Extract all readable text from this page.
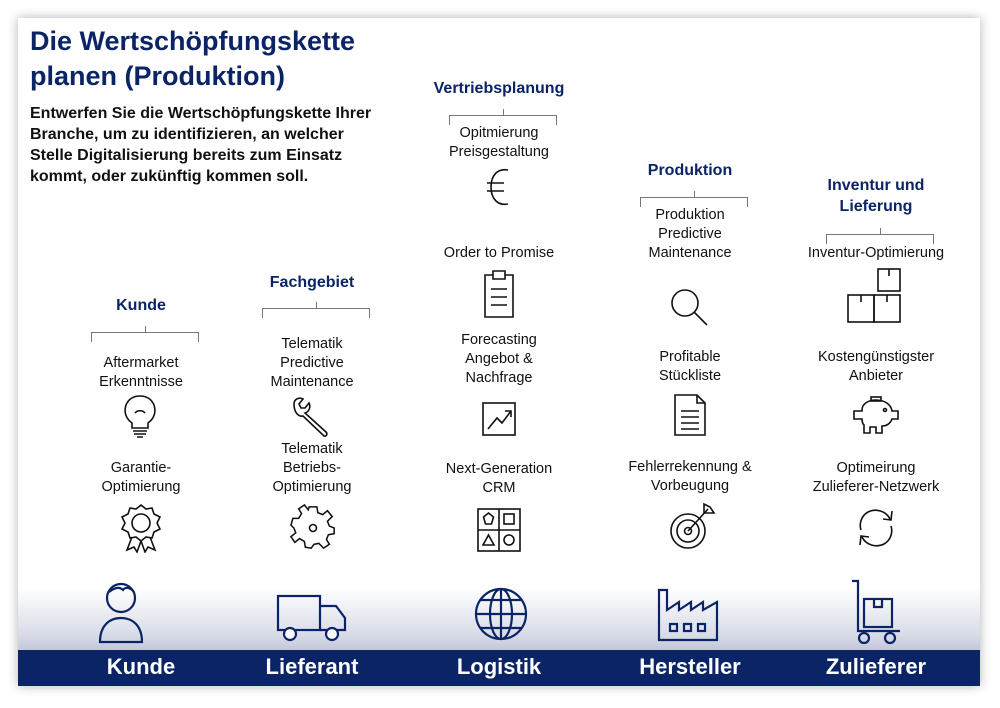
Die Wertschöpfungskette
planen (Produktion)

Entwerfen Sie die Wertschöpfungskette Ihrer Branche, um zu identifizieren, an welcher Stelle Digitalisierung bereits zum Einsatz kommt, oder zukünftig kommen soll.

Kunde
Aftermarket
Erkenntnisse
Garantie-
Optimierung
Fachgebiet
Telematik
Predictive
Maintenance
Telematik
Betriebs-
Optimierung
Vertriebsplanung
Opitmierung
Preisgestaltung
Order to Promise
Forecasting
Angebot &
Nachfrage
Next-Generation
CRM
Produktion
Produktion
Predictive
Maintenance
Profitable
Stückliste
Fehlerrekennung &
Vorbeugung
Inventur und
Lieferung
Inventur-Optimierung
Kostengünstigster
Anbieter
Optimeirung
Zulieferer-Netzwerk
Kunde	Lieferant	Logistik	Hersteller	Zulieferer
